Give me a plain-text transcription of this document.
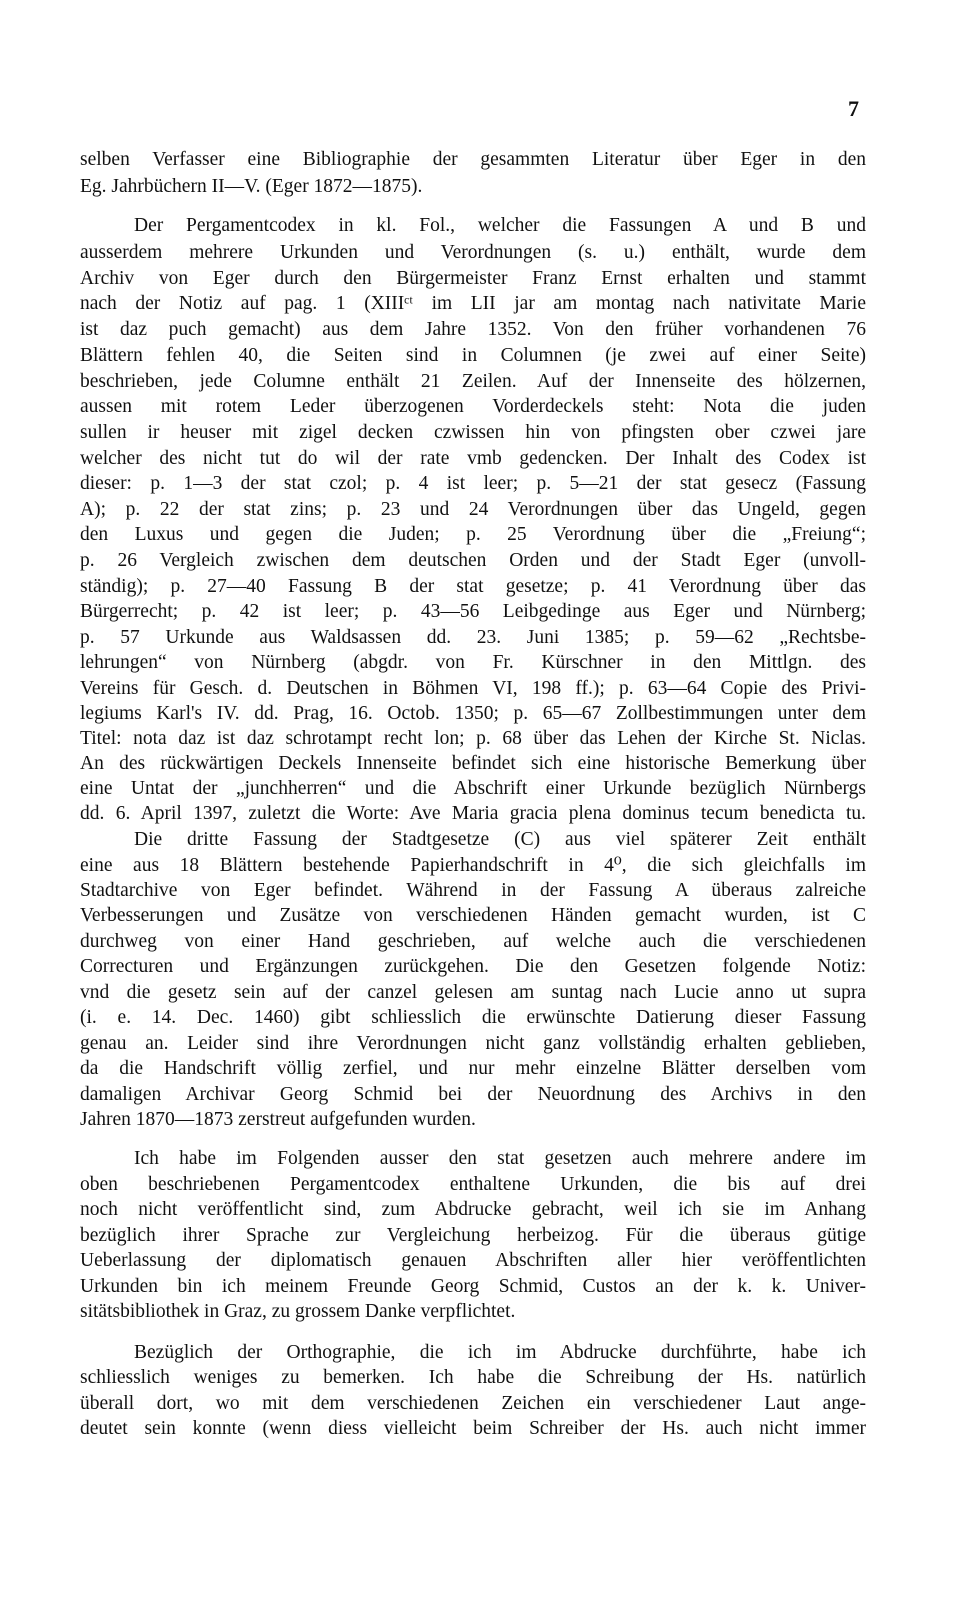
7
selben Verfasser eine Bibliographie der gesammten Literatur über Eger in den
Eg. Jahrbüchern II—V. (Eger 1872—1875).
Der Pergamentcodex in kl. Fol., welcher die Fassungen A und B und
ausserdem mehrere Urkunden und Verordnungen (s. u.) enthält, wurde dem
Archiv von Eger durch den Bürgermeister Franz Ernst erhalten und stammt
nach der Notiz auf pag. 1 (XIIIᶜᵗ im LII jar am montag nach nativitate Marie
ist daz puch gemacht) aus dem Jahre 1352. Von den früher vorhandenen 76
Blättern fehlen 40, die Seiten sind in Columnen (je zwei auf einer Seite)
beschrieben, jede Columne enthält 21 Zeilen. Auf der Innenseite des hölzernen,
aussen mit rotem Leder überzogenen Vorderdeckels steht: Nota die juden
sullen ir heuser mit zigel decken czwissen hin von pfingsten ober czwei jare
welcher des nicht tut do wil der rate vmb gedencken. Der Inhalt des Codex ist
dieser: p. 1—3 der stat czol; p. 4 ist leer; p. 5—21 der stat gesecz (Fassung
A); p. 22 der stat zins; p. 23 und 24 Verordnungen über das Ungeld, gegen
den Luxus und gegen die Juden; p. 25 Verordnung über die „Freiung“;
p. 26 Vergleich zwischen dem deutschen Orden und der Stadt Eger (unvoll-
ständig); p. 27—40 Fassung B der stat gesetze; p. 41 Verordnung über das
Bürgerrecht; p. 42 ist leer; p. 43—56 Leibgedinge aus Eger und Nürnberg;
p. 57 Urkunde aus Waldsassen dd. 23. Juni 1385; p. 59—62 „Rechtsbe-
lehrungen“ von Nürnberg (abgdr. von Fr. Kürschner in den Mittlgn. des
Vereins für Gesch. d. Deutschen in Böhmen VI, 198 ff.); p. 63—64 Copie des Privi-
legiums Karl's IV. dd. Prag, 16. Octob. 1350; p. 65—67 Zollbestimmungen unter dem
Titel: nota daz ist daz schrotampt recht lon; p. 68 über das Lehen der Kirche St. Niclas.
An des rückwärtigen Deckels Innenseite befindet sich eine historische Bemerkung über
eine Untat der „junchherren“ und die Abschrift einer Urkunde bezüglich Nürnbergs
dd. 6. April 1397, zuletzt die Worte: Ave Maria gracia plena dominus tecum benedicta tu.
Die dritte Fassung der Stadtgesetze (C) aus viel späterer Zeit enthält
eine aus 18 Blättern bestehende Papierhandschrift in 4⁰, die sich gleichfalls im
Stadtarchive von Eger befindet. Während in der Fassung A überaus zalreiche
Verbesserungen und Zusätze von verschiedenen Händen gemacht wurden, ist C
durchweg von einer Hand geschrieben, auf welche auch die verschiedenen
Correcturen und Ergänzungen zurückgehen. Die den Gesetzen folgende Notiz:
vnd die gesetz sein auf der canzel gelesen am suntag nach Lucie anno ut supra
(i. e. 14. Dec. 1460) gibt schliesslich die erwünschte Datierung dieser Fassung
genau an. Leider sind ihre Verordnungen nicht ganz vollständig erhalten geblieben,
da die Handschrift völlig zerfiel, und nur mehr einzelne Blätter derselben vom
damaligen Archivar Georg Schmid bei der Neuordnung des Archivs in den
Jahren 1870—1873 zerstreut aufgefunden wurden.
Ich habe im Folgenden ausser den stat gesetzen auch mehrere andere im
oben beschriebenen Pergamentcodex enthaltene Urkunden, die bis auf drei
noch nicht veröffentlicht sind, zum Abdrucke gebracht, weil ich sie im Anhang
bezüglich ihrer Sprache zur Vergleichung herbeizog. Für die überaus gütige
Ueberlassung der diplomatisch genauen Abschriften aller hier veröffentlichten
Urkunden bin ich meinem Freunde Georg Schmid, Custos an der k. k. Univer-
sitätsbibliothek in Graz, zu grossem Danke verpflichtet.
Bezüglich der Orthographie, die ich im Abdrucke durchführte, habe ich
schliesslich weniges zu bemerken. Ich habe die Schreibung der Hs. natürlich
überall dort, wo mit dem verschiedenen Zeichen ein verschiedener Laut ange-
deutet sein konnte (wenn diess vielleicht beim Schreiber der Hs. auch nicht immer
